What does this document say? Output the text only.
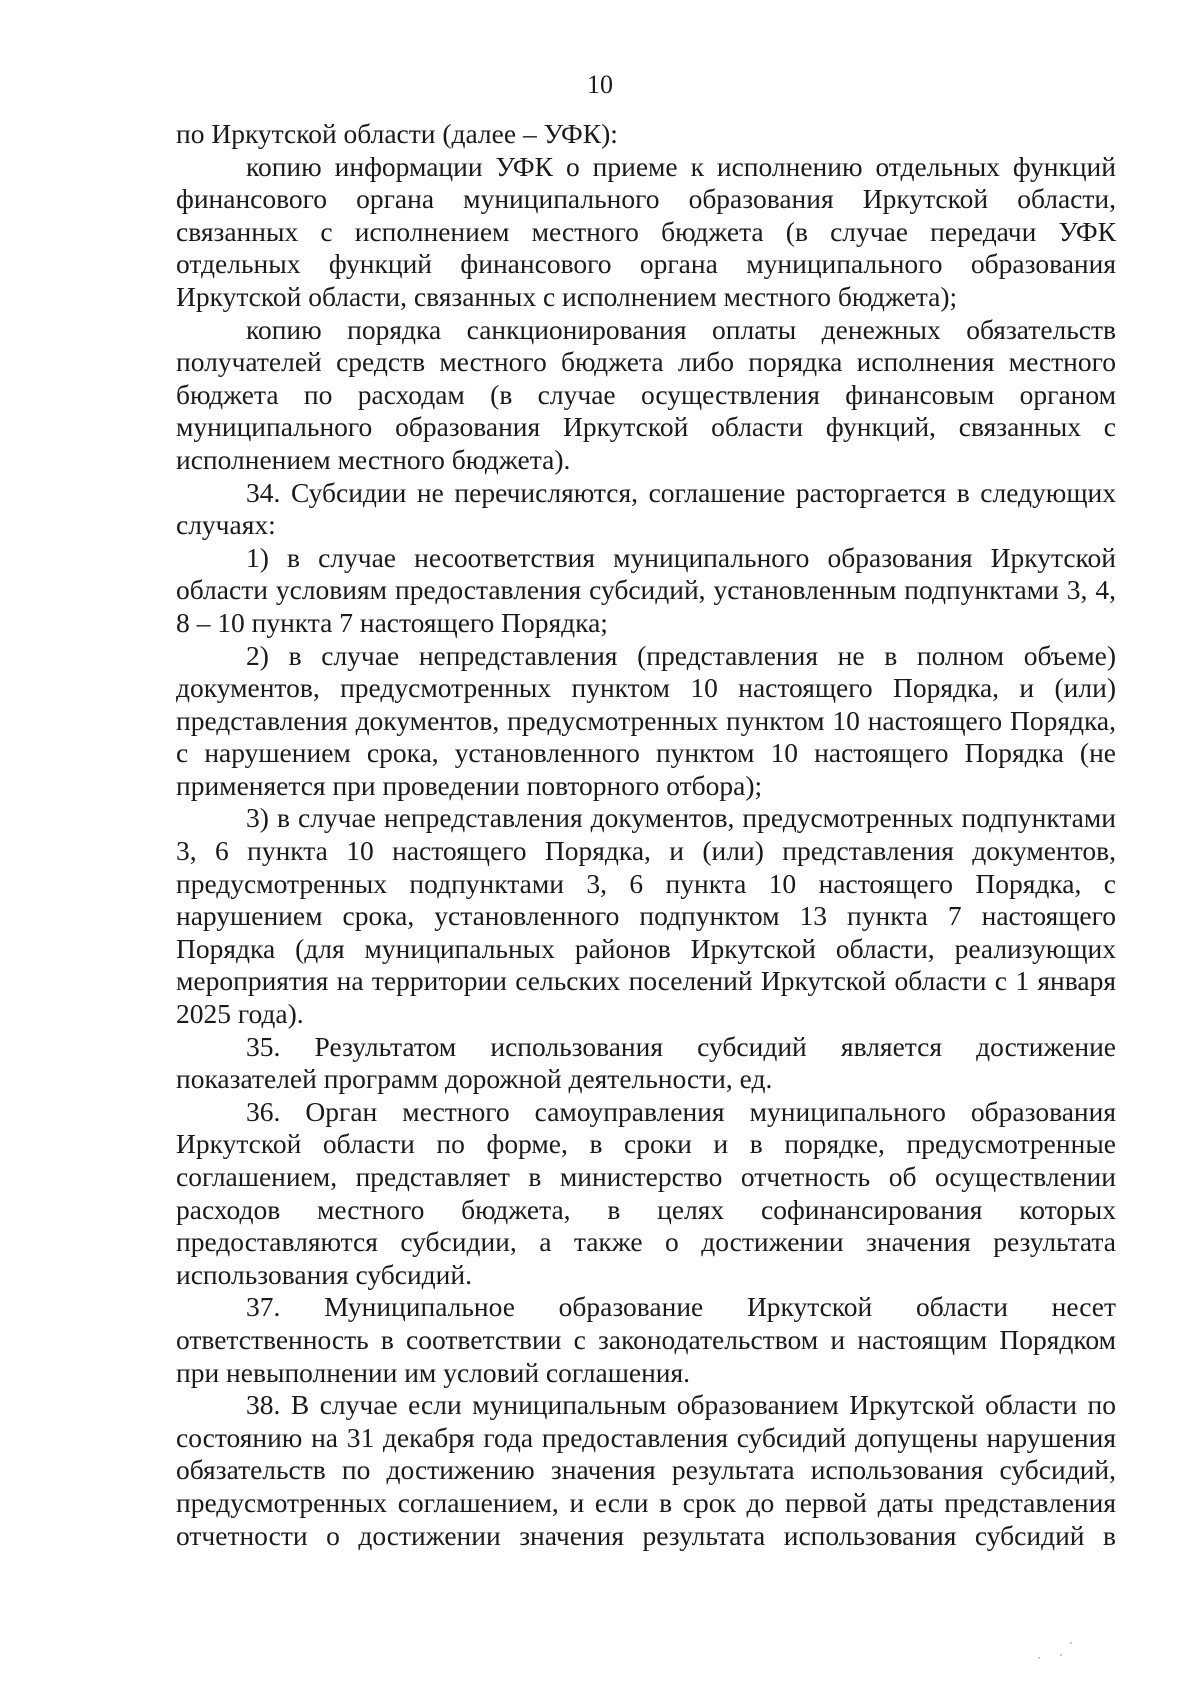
10

по Иркутской области (далее – УФК):

копию информации УФК о приеме к исполнению отдельных функций финансового органа муниципального образования Иркутской области, связанных с исполнением местного бюджета (в случае передачи УФК отдельных функций финансового органа муниципального образования Иркутской области, связанных с исполнением местного бюджета);

копию порядка санкционирования оплаты денежных обязательств получателей средств местного бюджета либо порядка исполнения местного бюджета по расходам (в случае осуществления финансовым органом муниципального образования Иркутской области функций, связанных с исполнением местного бюджета).

34. Субсидии не перечисляются, соглашение расторгается в следующих случаях:

1) в случае несоответствия муниципального образования Иркутской области условиям предоставления субсидий, установленным подпунктами 3, 4, 8 – 10 пункта 7 настоящего Порядка;

2) в случае непредставления (представления не в полном объеме) документов, предусмотренных пунктом 10 настоящего Порядка, и (или) представления документов, предусмотренных пунктом 10 настоящего Порядка, с нарушением срока, установленного пунктом 10 настоящего Порядка (не применяется при проведении повторного отбора);

3) в случае непредставления документов, предусмотренных подпунктами 3, 6 пункта 10 настоящего Порядка, и (или) представления документов, предусмотренных подпунктами 3, 6 пункта 10 настоящего Порядка, с нарушением срока, установленного подпунктом 13 пункта 7 настоящего Порядка (для муниципальных районов Иркутской области, реализующих мероприятия на территории сельских поселений Иркутской области с 1 января 2025 года).

35. Результатом использования субсидий является достижение показателей программ дорожной деятельности, ед.

36. Орган местного самоуправления муниципального образования Иркутской области по форме, в сроки и в порядке, предусмотренные соглашением, представляет в министерство отчетность об осуществлении расходов местного бюджета, в целях софинансирования которых предоставляются субсидии, а также о достижении значения результата использования субсидий.

37. Муниципальное образование Иркутской области несет ответственность в соответствии с законодательством и настоящим Порядком при невыполнении им условий соглашения.

38. В случае если муниципальным образованием Иркутской области по состоянию на 31 декабря года предоставления субсидий допущены нарушения обязательств по достижению значения результата использования субсидий, предусмотренных соглашением, и если в срок до первой даты представления отчетности о достижении значения результата использования субсидий в
